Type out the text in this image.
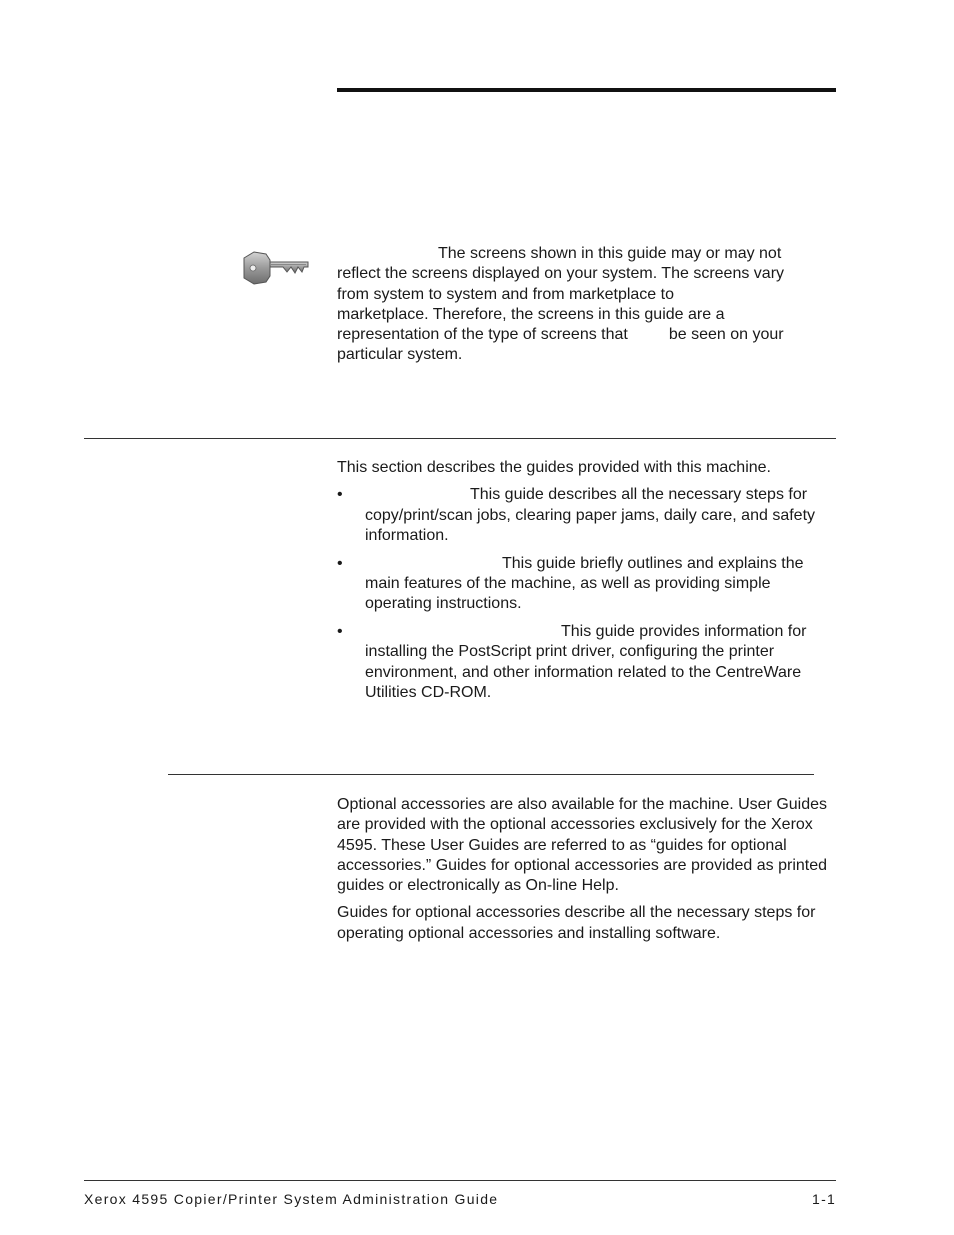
The screens shown in this guide may or may not
reflect the screens displayed on your system. The screens vary
from system to system and from marketplace to
marketplace. Therefore, the screens in this guide are a
representation of the type of screens that	be seen on your
particular system.

This section describes the guides provided with this machine.

•	This guide describes all the necessary steps for copy/print/scan jobs, clearing paper jams, daily care, and safety information.
•	This guide briefly outlines and explains the main features of the machine, as well as providing simple operating instructions.
•	This guide provides information for installing the PostScript print driver, configuring the printer environment, and other information related to the CentreWare Utilities CD-ROM.

Optional accessories are also available for the machine. User Guides are provided with the optional accessories exclusively for the Xerox 4595. These User Guides are referred to as “guides for optional accessories.” Guides for optional accessories are provided as printed guides or electronically as On-line Help.

Guides for optional accessories describe all the necessary steps for operating optional accessories and installing software.

Xerox 4595 Copier/Printer System Administration Guide	1-1
